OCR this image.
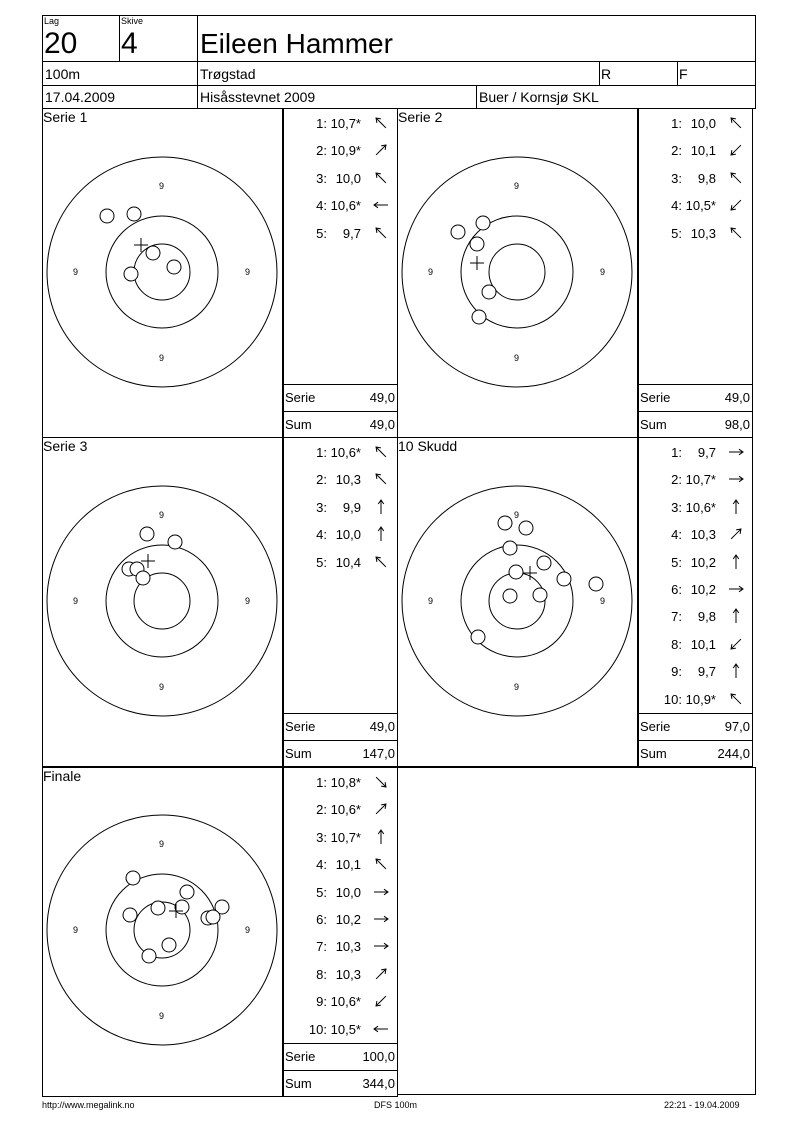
Lag
20
Skive
4 Eileen Hammer
100m	Trøgstad	R	F
17.04.2009	Hisåsstevnet 2009	Buer / Kornsjø SKL
Serie 1
9
9
9	9
1: 10,7*
2: 10,9*
3: 10,0
4: 10,6*
5:	9,7
Serie	49,0
Sum	49,0
Serie 2
9
9
9	9
1: 10,0
2: 10,1
3:	9,8
4: 10,5*
5: 10,3
Serie	49,0
Sum	98,0
Serie 3
9
9
9	9
1: 10,6*
2: 10,3
3:	9,9
4: 10,0
5: 10,4
Serie	49,0
Sum	147,0
10 Skudd
9
9
9	9
1:	9,7
2: 10,7*
3: 10,6*
4: 10,3
5: 10,2
6: 10,2
7:	9,8
8: 10,1
9:	9,7
10: 10,9*
Serie	97,0
Sum	244,0
Finale
9
9
9	9
1: 10,8*
2: 10,6*
3: 10,7*
4: 10,1
5: 10,0
6: 10,2
7: 10,3
8: 10,3
9: 10,6*
10: 10,5*
Serie	100,0
Sum	344,0
http://www.megalink.no	DFS 100m	22:21 - 19.04.2009
